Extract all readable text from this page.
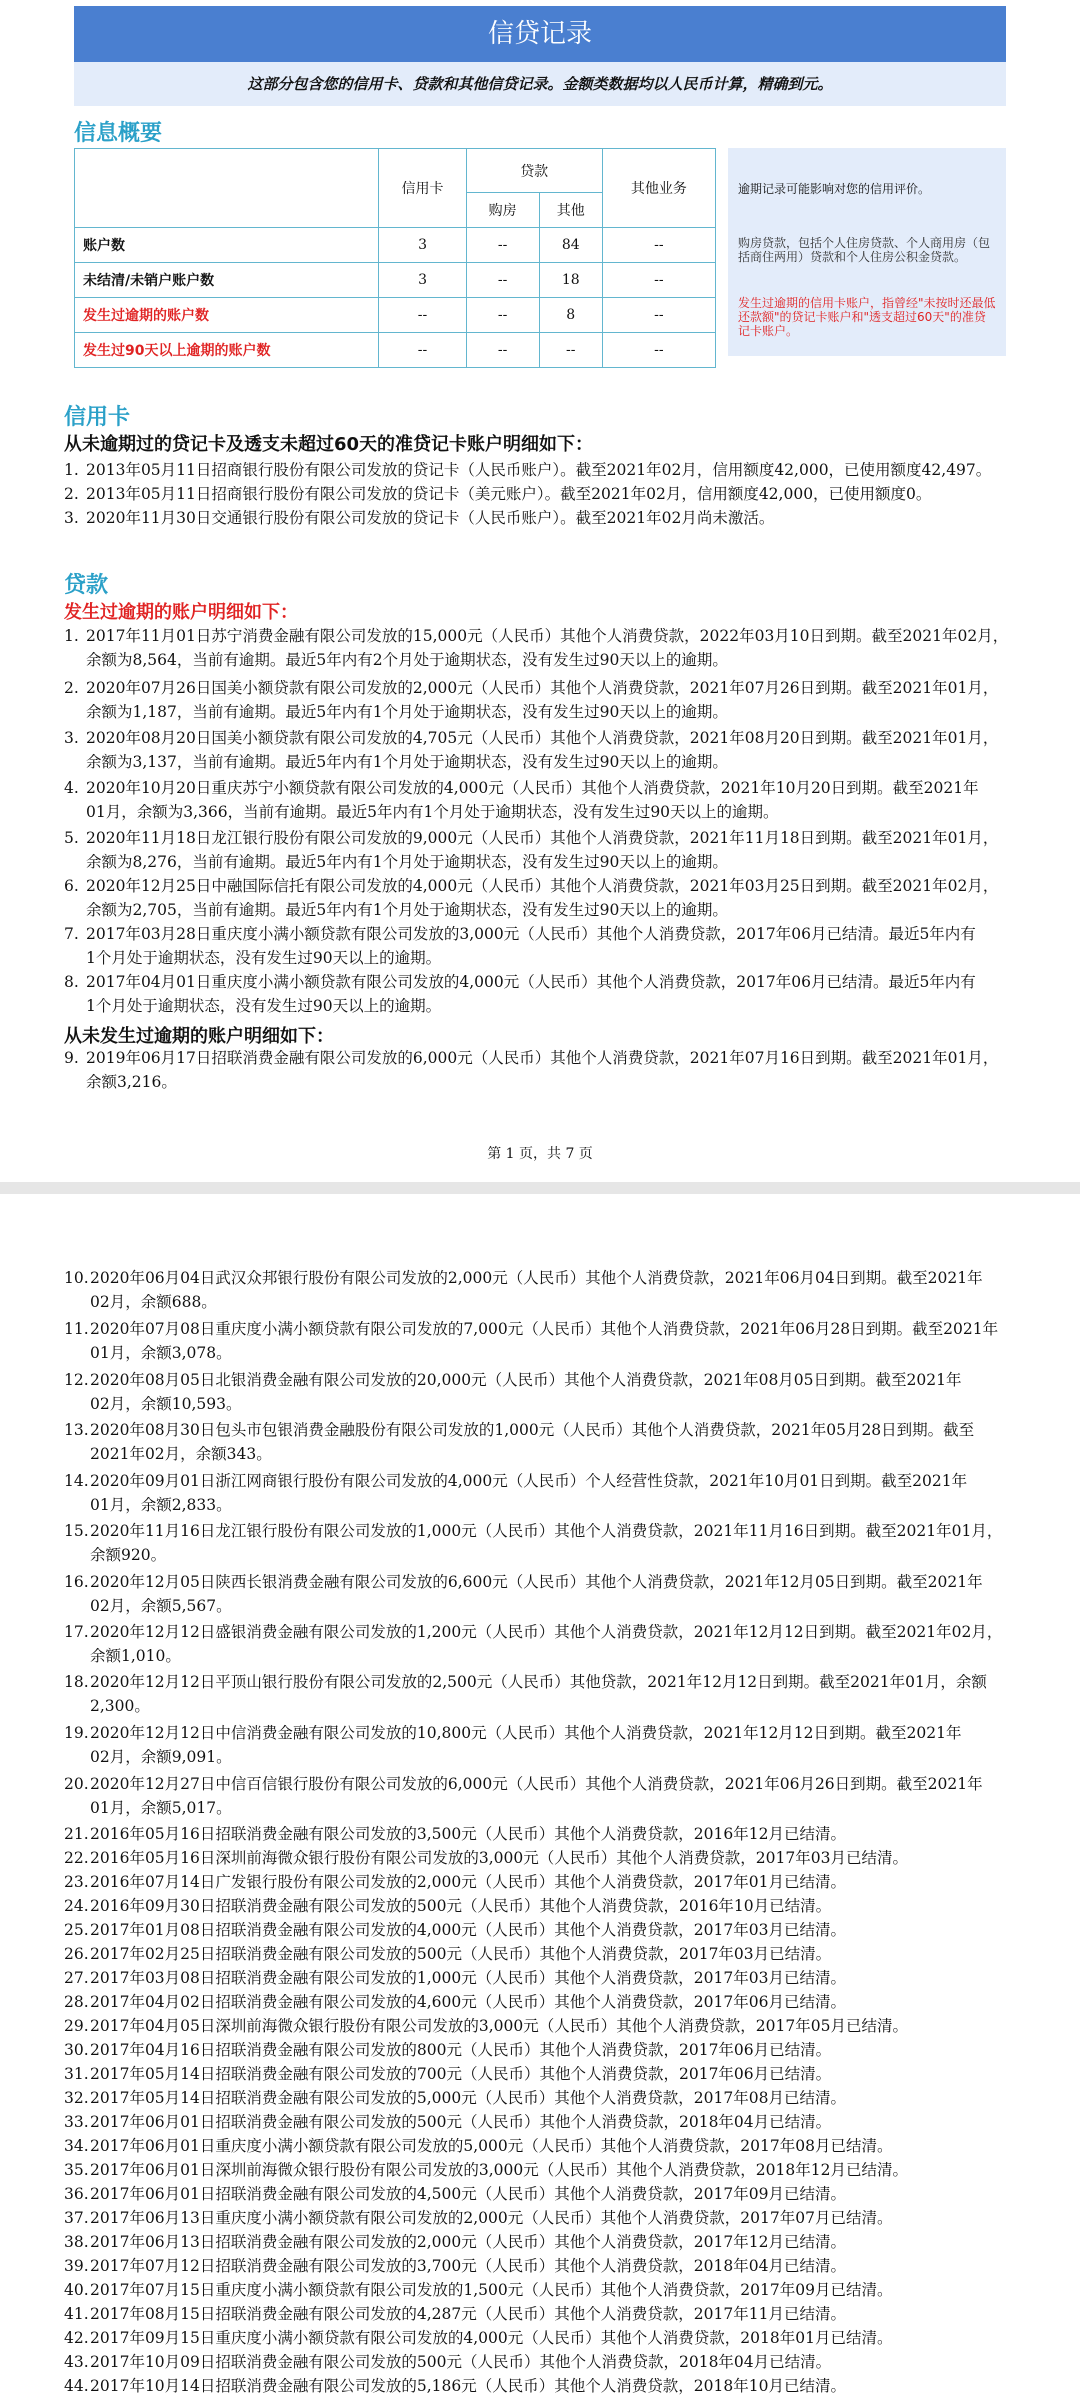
信贷记录
这部分包含您的信用卡、贷款和其他信贷记录。金额类数据均以人民币计算，精确到元。
信息概要
	信用卡	贷款		其他业务
		购房	其他	
账户数	3	--	84	--
未结清/未销户账户数	3	--	18	--
发生过逾期的账户数	--	--	8	--
发生过90天以上逾期的账户数	--	--	--	--
逾期记录可能影响对您的信用评价。
购房贷款，包括个人住房贷款、个人商用房（包括商住两用）贷款和个人住房公积金贷款。
发生过逾期的信用卡账户，指曾经"未按时还最低还款额"的贷记卡账户和"透支超过60天"的准贷记卡账户。
信用卡
从未逾期过的贷记卡及透支未超过60天的准贷记卡账户明细如下：
1. 2013年05月11日招商银行股份有限公司发放的贷记卡（人民币账户）。截至2021年02月，信用额度42,000，已使用额度42,497。
2. 2013年05月11日招商银行股份有限公司发放的贷记卡（美元账户）。截至2021年02月，信用额度42,000，已使用额度0。
3. 2020年11月30日交通银行股份有限公司发放的贷记卡（人民币账户）。截至2021年02月尚未激活。
贷款
发生过逾期的账户明细如下：
1. 2017年11月01日苏宁消费金融有限公司发放的15,000元（人民币）其他个人消费贷款，2022年03月10日到期。截至2021年02月，
余额为8,564，当前有逾期。最近5年内有2个月处于逾期状态，没有发生过90天以上的逾期。
2. 2020年07月26日国美小额贷款有限公司发放的2,000元（人民币）其他个人消费贷款，2021年07月26日到期。截至2021年01月，
余额为1,187，当前有逾期。最近5年内有1个月处于逾期状态，没有发生过90天以上的逾期。
3. 2020年08月20日国美小额贷款有限公司发放的4,705元（人民币）其他个人消费贷款，2021年08月20日到期。截至2021年01月，
余额为3,137，当前有逾期。最近5年内有1个月处于逾期状态，没有发生过90天以上的逾期。
4. 2020年10月20日重庆苏宁小额贷款有限公司发放的4,000元（人民币）其他个人消费贷款，2021年10月20日到期。截至2021年
01月，余额为3,366，当前有逾期。最近5年内有1个月处于逾期状态，没有发生过90天以上的逾期。
5. 2020年11月18日龙江银行股份有限公司发放的9,000元（人民币）其他个人消费贷款，2021年11月18日到期。截至2021年01月，
余额为8,276，当前有逾期。最近5年内有1个月处于逾期状态，没有发生过90天以上的逾期。
6. 2020年12月25日中融国际信托有限公司发放的4,000元（人民币）其他个人消费贷款，2021年03月25日到期。截至2021年02月，
余额为2,705，当前有逾期。最近5年内有1个月处于逾期状态，没有发生过90天以上的逾期。
7. 2017年03月28日重庆度小满小额贷款有限公司发放的3,000元（人民币）其他个人消费贷款，2017年06月已结清。最近5年内有
1个月处于逾期状态，没有发生过90天以上的逾期。
8. 2017年04月01日重庆度小满小额贷款有限公司发放的4,000元（人民币）其他个人消费贷款，2017年06月已结清。最近5年内有
1个月处于逾期状态，没有发生过90天以上的逾期。
从未发生过逾期的账户明细如下：
9. 2019年06月17日招联消费金融有限公司发放的6,000元（人民币）其他个人消费贷款，2021年07月16日到期。截至2021年01月，
余额3,216。
第 1 页，共 7 页
10.2020年06月04日武汉众邦银行股份有限公司发放的2,000元（人民币）其他个人消费贷款，2021年06月04日到期。截至2021年
02月，余额688。
11.2020年07月08日重庆度小满小额贷款有限公司发放的7,000元（人民币）其他个人消费贷款，2021年06月28日到期。截至2021年
01月，余额3,078。
12.2020年08月05日北银消费金融有限公司发放的20,000元（人民币）其他个人消费贷款，2021年08月05日到期。截至2021年
02月，余额10,593。
13.2020年08月30日包头市包银消费金融股份有限公司发放的1,000元（人民币）其他个人消费贷款，2021年05月28日到期。截至
2021年02月，余额343。
14.2020年09月01日浙江网商银行股份有限公司发放的4,000元（人民币）个人经营性贷款，2021年10月01日到期。截至2021年
01月，余额2,833。
15.2020年11月16日龙江银行股份有限公司发放的1,000元（人民币）其他个人消费贷款，2021年11月16日到期。截至2021年01月，
余额920。
16.2020年12月05日陕西长银消费金融有限公司发放的6,600元（人民币）其他个人消费贷款，2021年12月05日到期。截至2021年
02月，余额5,567。
17.2020年12月12日盛银消费金融有限公司发放的1,200元（人民币）其他个人消费贷款，2021年12月12日到期。截至2021年02月，
余额1,010。
18.2020年12月12日平顶山银行股份有限公司发放的2,500元（人民币）其他贷款，2021年12月12日到期。截至2021年01月，余额
2,300。
19.2020年12月12日中信消费金融有限公司发放的10,800元（人民币）其他个人消费贷款，2021年12月12日到期。截至2021年
02月，余额9,091。
20.2020年12月27日中信百信银行股份有限公司发放的6,000元（人民币）其他个人消费贷款，2021年06月26日到期。截至2021年
01月，余额5,017。
21.2016年05月16日招联消费金融有限公司发放的3,500元（人民币）其他个人消费贷款，2016年12月已结清。
22.2016年05月16日深圳前海微众银行股份有限公司发放的3,000元（人民币）其他个人消费贷款，2017年03月已结清。
23.2016年07月14日广发银行股份有限公司发放的2,000元（人民币）其他个人消费贷款，2017年01月已结清。
24.2016年09月30日招联消费金融有限公司发放的500元（人民币）其他个人消费贷款，2016年10月已结清。
25.2017年01月08日招联消费金融有限公司发放的4,000元（人民币）其他个人消费贷款，2017年03月已结清。
26.2017年02月25日招联消费金融有限公司发放的500元（人民币）其他个人消费贷款，2017年03月已结清。
27.2017年03月08日招联消费金融有限公司发放的1,000元（人民币）其他个人消费贷款，2017年03月已结清。
28.2017年04月02日招联消费金融有限公司发放的4,600元（人民币）其他个人消费贷款，2017年06月已结清。
29.2017年04月05日深圳前海微众银行股份有限公司发放的3,000元（人民币）其他个人消费贷款，2017年05月已结清。
30.2017年04月16日招联消费金融有限公司发放的800元（人民币）其他个人消费贷款，2017年06月已结清。
31.2017年05月14日招联消费金融有限公司发放的700元（人民币）其他个人消费贷款，2017年06月已结清。
32.2017年05月14日招联消费金融有限公司发放的5,000元（人民币）其他个人消费贷款，2017年08月已结清。
33.2017年06月01日招联消费金融有限公司发放的500元（人民币）其他个人消费贷款，2018年04月已结清。
34.2017年06月01日重庆度小满小额贷款有限公司发放的5,000元（人民币）其他个人消费贷款，2017年08月已结清。
35.2017年06月01日深圳前海微众银行股份有限公司发放的3,000元（人民币）其他个人消费贷款，2018年12月已结清。
36.2017年06月01日招联消费金融有限公司发放的4,500元（人民币）其他个人消费贷款，2017年09月已结清。
37.2017年06月13日重庆度小满小额贷款有限公司发放的2,000元（人民币）其他个人消费贷款，2017年07月已结清。
38.2017年06月13日招联消费金融有限公司发放的2,000元（人民币）其他个人消费贷款，2017年12月已结清。
39.2017年07月12日招联消费金融有限公司发放的3,700元（人民币）其他个人消费贷款，2018年04月已结清。
40.2017年07月15日重庆度小满小额贷款有限公司发放的1,500元（人民币）其他个人消费贷款，2017年09月已结清。
41.2017年08月15日招联消费金融有限公司发放的4,287元（人民币）其他个人消费贷款，2017年11月已结清。
42.2017年09月15日重庆度小满小额贷款有限公司发放的4,000元（人民币）其他个人消费贷款，2018年01月已结清。
43.2017年10月09日招联消费金融有限公司发放的500元（人民币）其他个人消费贷款，2018年04月已结清。
44.2017年10月14日招联消费金融有限公司发放的5,186元（人民币）其他个人消费贷款，2018年10月已结清。
